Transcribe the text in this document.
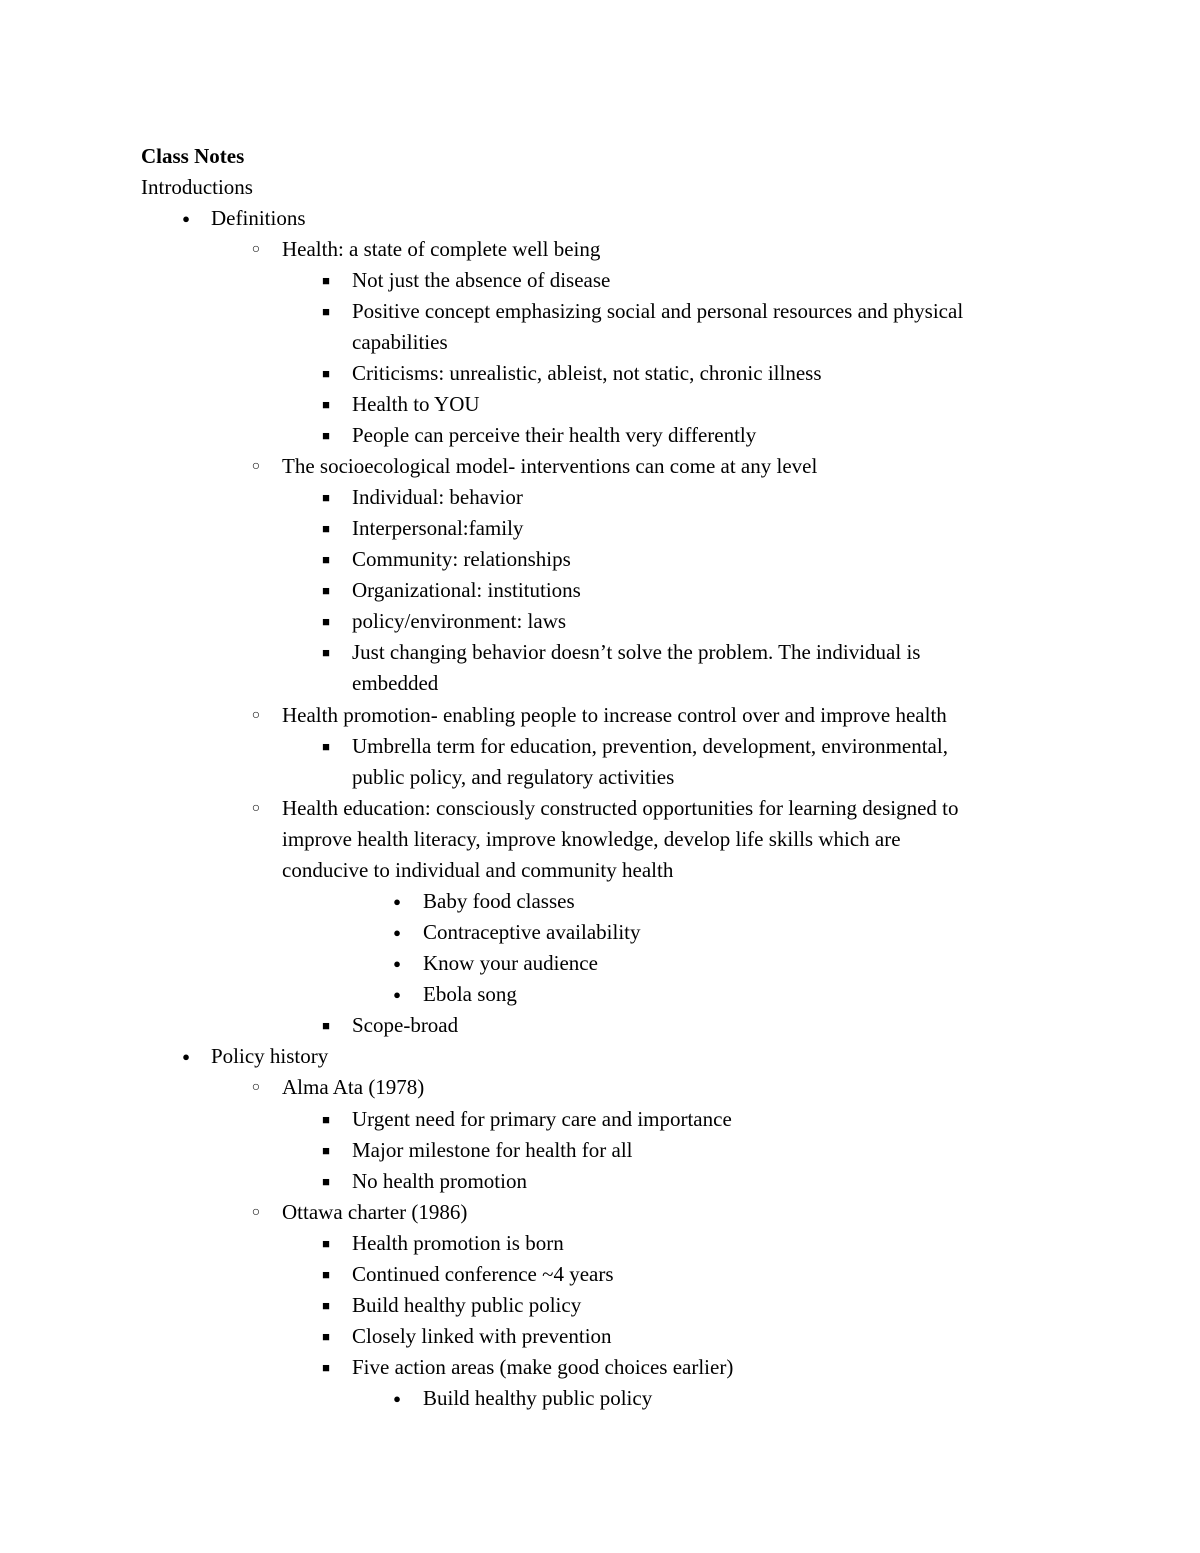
Class Notes
Introductions
● Definitions
○ Health: a state of complete well being
■ Not just the absence of disease
■ Positive concept emphasizing social and personal resources and physical
capabilities
■ Criticisms: unrealistic, ableist, not static, chronic illness
■ Health to YOU
■ People can perceive their health very differently
○ The socioecological model- interventions can come at any level
■ Individual: behavior
■ Interpersonal:family
■ Community: relationships
■ Organizational: institutions
■ policy/environment: laws
■ Just changing behavior doesn’t solve the problem. The individual is
embedded
○ Health promotion- enabling people to increase control over and improve health
■ Umbrella term for education, prevention, development, environmental,
public policy, and regulatory activities
○ Health education: consciously constructed opportunities for learning designed to
improve health literacy, improve knowledge, develop life skills which are
conducive to individual and community health
● Baby food classes
● Contraceptive availability
● Know your audience
● Ebola song
■ Scope-broad
● Policy history
○ Alma Ata (1978)
■ Urgent need for primary care and importance
■ Major milestone for health for all
■ No health promotion
○ Ottawa charter (1986)
■ Health promotion is born
■ Continued conference ~4 years
■ Build healthy public policy
■ Closely linked with prevention
■ Five action areas (make good choices earlier)
● Build healthy public policy
